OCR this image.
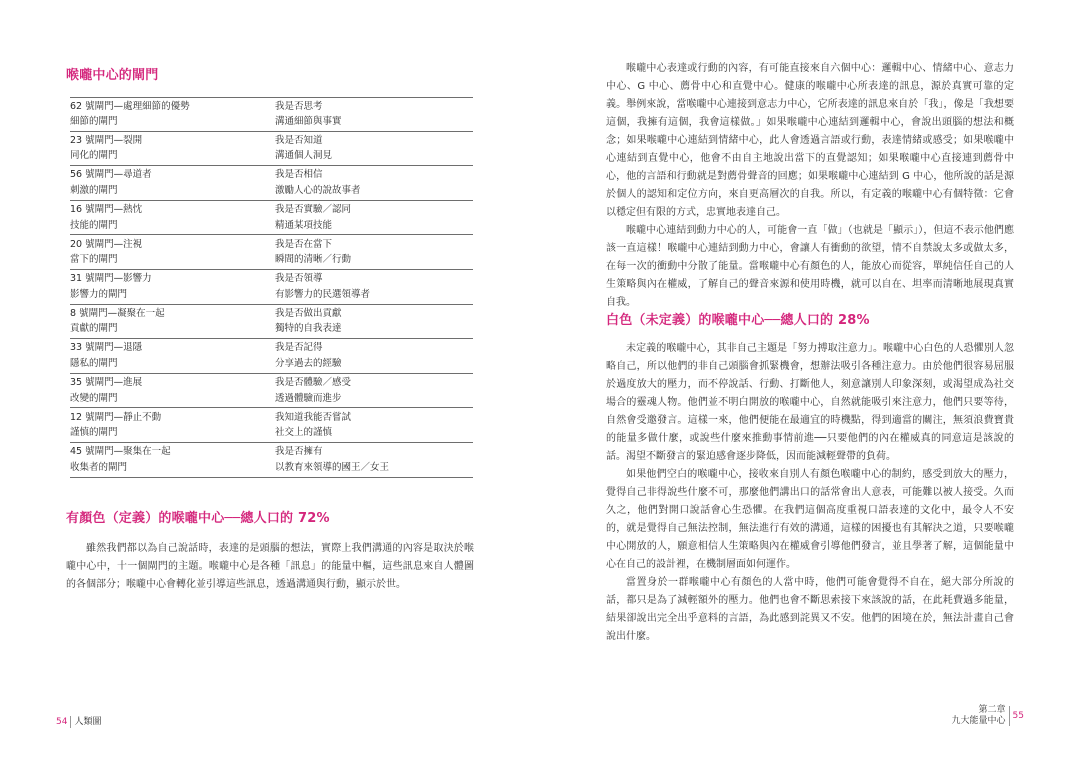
喉嚨中心的閘門
62 號閘門—處理細節的優勢
細節的閘門
我是否思考
溝通細節與事實
23 號閘門—裂開
同化的閘門
我是否知道
溝通個人洞見
56 號閘門—尋道者
刺激的閘門
我是否相信
激勵人心的說故事者
16 號閘門—熱忱
技能的閘門
我是否實驗／認同
精通某項技能
20 號閘門—注視
當下的閘門
我是否在當下
瞬間的清晰／行動
31 號閘門—影響力
影響力的閘門
我是否領導
有影響力的民選領導者
8 號閘門—凝聚在一起
貢獻的閘門
我是否做出貢獻
獨特的自我表達
33 號閘門—退隱
隱私的閘門
我是否記得
分享過去的經驗
35 號閘門—進展
改變的閘門
我是否體驗／感受
透過體驗而進步
12 號閘門—靜止不動
謹慎的閘門
我知道我能否嘗試
社交上的謹慎
45 號閘門—聚集在一起
收集者的閘門
我是否擁有
以教育來領導的國王／女王
有顏色（定義）的喉嚨中心──總人口的 72%

雖然我們都以為自己說話時，表達的是頭腦的想法，實際上我們溝通的內容是取決於喉嚨中心中，十一個閘門的主題。喉嚨中心是各種「訊息」的能量中樞，這些訊息來自人體圖的各個部分；喉嚨中心會轉化並引導這些訊息，透過溝通與行動，顯示於世。

54 人類圖

喉嚨中心表達或行動的內容，有可能直接來自六個中心：邏輯中心、情緒中心、意志力中心、G 中心、薦骨中心和直覺中心。健康的喉嚨中心所表達的訊息，源於真實可靠的定義。舉例來說，當喉嚨中心連接到意志力中心，它所表達的訊息來自於「我」，像是「我想要這個，我擁有這個，我會這樣做。」如果喉嚨中心連結到邏輯中心，會說出頭腦的想法和概念；如果喉嚨中心連結到情緒中心，此人會透過言語或行動，表達情緒或感受；如果喉嚨中心連結到直覺中心，他會不由自主地說出當下的直覺認知；如果喉嚨中心直接連到薦骨中心，他的言語和行動就是對薦骨聲音的回應；如果喉嚨中心連結到 G 中心，他所說的話是源於個人的認知和定位方向，來自更高層次的自我。所以，有定義的喉嚨中心有個特徵：它會以穩定但有限的方式，忠實地表達自己。

喉嚨中心連結到動力中心的人，可能會一直「做」（也就是「顯示」），但這不表示他們應該一直這樣！喉嚨中心連結到動力中心，會讓人有衝動的欲望，情不自禁說太多或做太多，在每一次的衝動中分散了能量。當喉嚨中心有顏色的人，能放心而從容，單純信任自己的人生策略與內在權威，了解自己的聲音來源和使用時機，就可以自在、坦率而清晰地展現真實自我。

白色（未定義）的喉嚨中心──總人口的 28%

未定義的喉嚨中心，其非自己主題是「努力搏取注意力」。喉嚨中心白色的人恐懼別人忽略自己，所以他們的非自己頭腦會抓緊機會，想辦法吸引各種注意力。由於他們很容易屈服於過度放大的壓力，而不停說話、行動、打斷他人，刻意讓別人印象深刻，或渴望成為社交場合的靈魂人物。他們並不明白開放的喉嚨中心，自然就能吸引來注意力，他們只要等待，自然會受邀發言。這樣一來，他們便能在最適宜的時機點，得到適當的關注，無須浪費寶貴的能量多做什麼，或說些什麼來推動事情前進──只要他們的內在權威真的同意這是該說的話。渴望不斷發言的緊迫感會逐步降低，因而能減輕聲帶的負荷。

如果他們空白的喉嚨中心，接收來自別人有顏色喉嚨中心的制約，感受到放大的壓力，覺得自己非得說些什麼不可，那麼他們講出口的話常會出人意表，可能難以被人接受。久而久之，他們對開口說話會心生恐懼。在我們這個高度重視口語表達的文化中，最令人不安的，就是覺得自己無法控制，無法進行有效的溝通，這樣的困擾也有其解決之道，只要喉嚨中心開放的人，願意相信人生策略與內在權威會引導他們發言，並且學著了解，這個能量中心在自己的設計裡，在機制層面如何運作。

當置身於一群喉嚨中心有顏色的人當中時，他們可能會覺得不自在，絕大部分所說的話，都只是為了減輕額外的壓力。他們也會不斷思索接下來該說的話，在此耗費過多能量，結果卻說出完全出乎意料的言語，為此感到詫異又不安。他們的困境在於，無法計畫自己會說出什麼。

第二章
九大能量中心 55
